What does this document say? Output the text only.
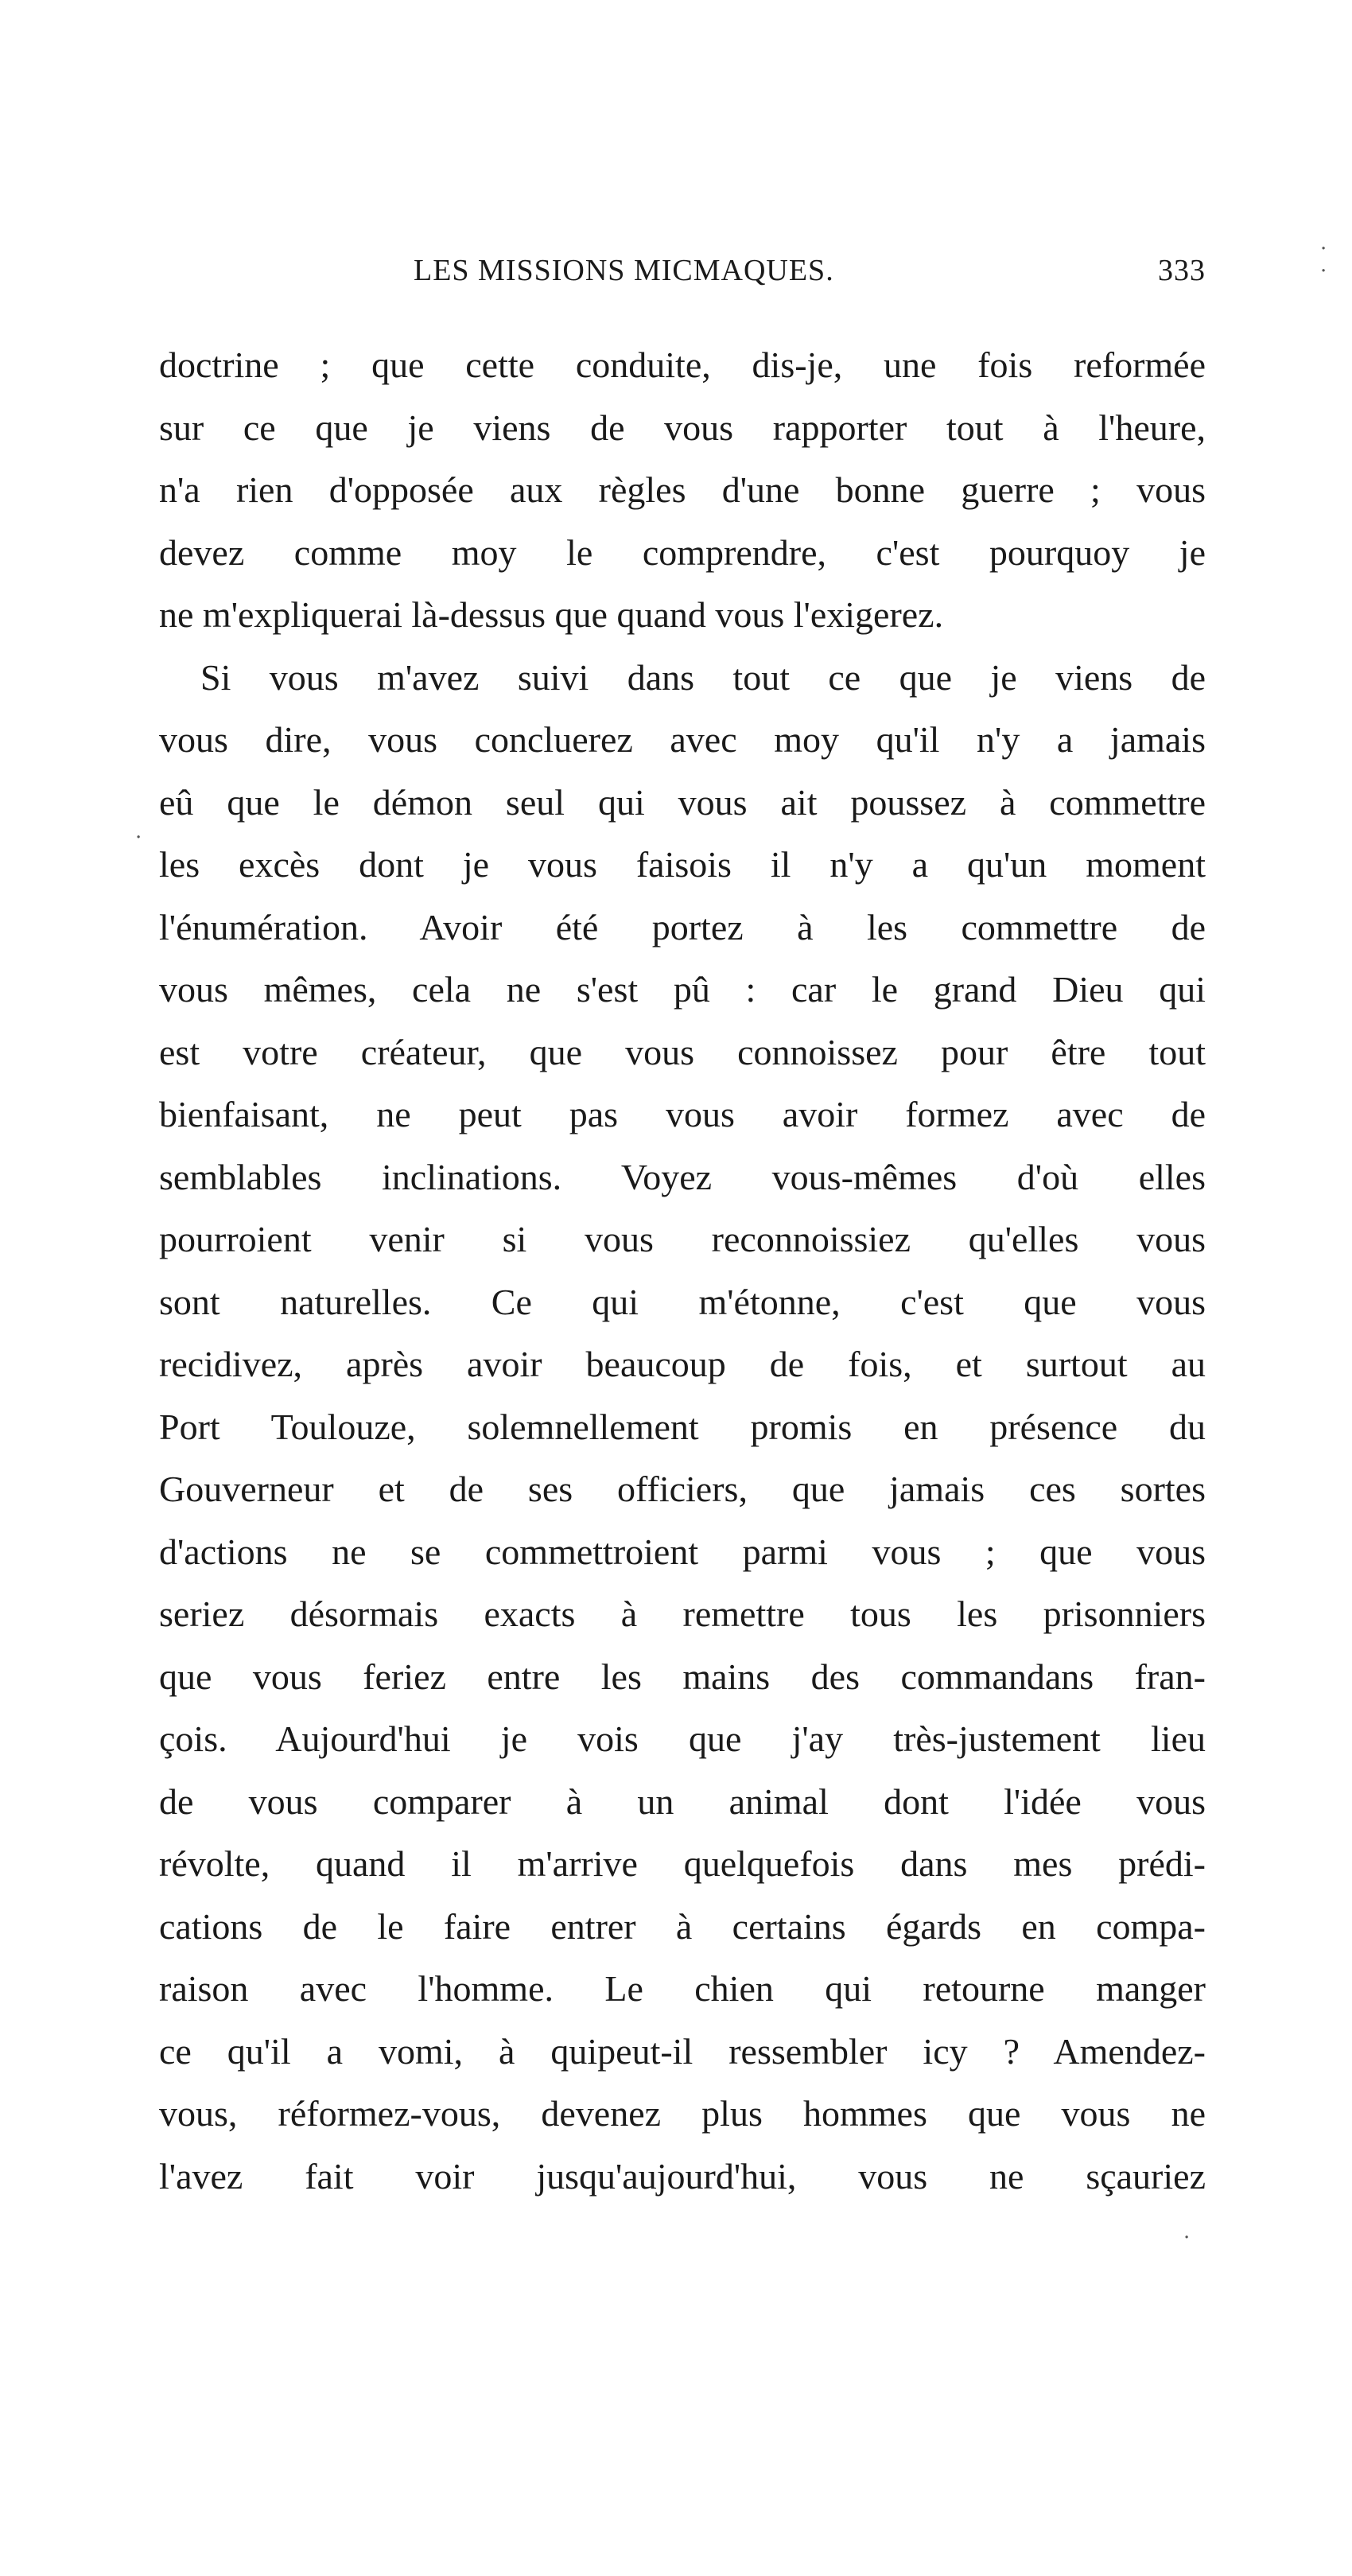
LES MISSIONS MICMAQUES.	333
doctrine ; que cette conduite, dis-je, une fois reformée
sur ce que je viens de vous rapporter tout à l'heure,
n'a rien d'opposée aux règles d'une bonne guerre ; vous
devez comme moy le comprendre, c'est pourquoy je
ne m'expliquerai là-dessus que quand vous l'exigerez.
Si vous m'avez suivi dans tout ce que je viens de
vous dire, vous concluerez avec moy qu'il n'y a jamais
eû que le démon seul qui vous ait poussez à commettre
les excès dont je vous faisois il n'y a qu'un moment
l'énumération. Avoir été portez à les commettre de
vous mêmes, cela ne s'est pû : car le grand Dieu qui
est votre créateur, que vous connoissez pour être tout
bienfaisant, ne peut pas vous avoir formez avec de
semblables inclinations. Voyez vous-mêmes d'où elles
pourroient venir si vous reconnoissiez qu'elles vous
sont naturelles. Ce qui m'étonne, c'est que vous
recidivez, après avoir beaucoup de fois, et surtout au
Port Toulouze, solemnellement promis en présence du
Gouverneur et de ses officiers, que jamais ces sortes
d'actions ne se commettroient parmi vous ; que vous
seriez désormais exacts à remettre tous les prisonniers
que vous feriez entre les mains des commandans fran-
çois. Aujourd'hui je vois que j'ay très-justement lieu
de vous comparer à un animal dont l'idée vous
révolte, quand il m'arrive quelquefois dans mes prédi-
cations de le faire entrer à certains égards en compa-
raison avec l'homme. Le chien qui retourne manger
ce qu'il a vomi, à quipeut-il ressembler icy ? Amendez-
vous, réformez-vous, devenez plus hommes que vous ne
l'avez fait voir jusqu'aujourd'hui, vous ne sçauriez
·
·
·
·
